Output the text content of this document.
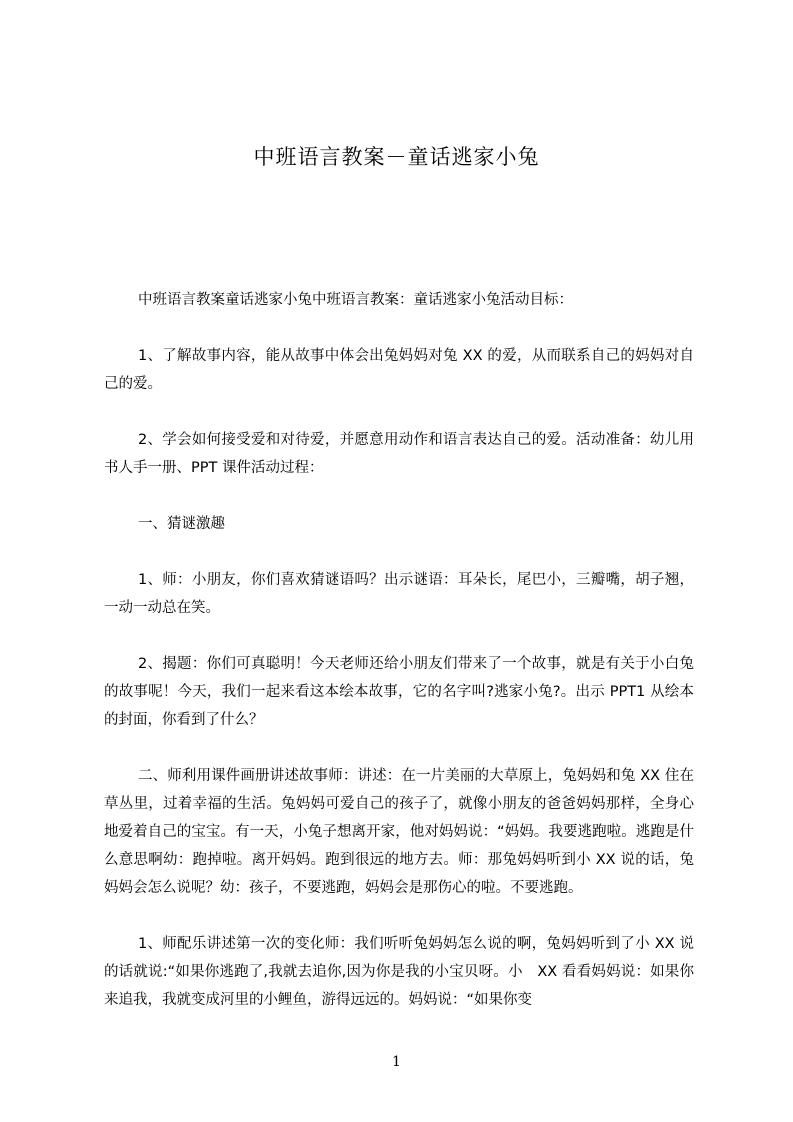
中班语言教案－童话逃家小兔

中班语言教案童话逃家小兔中班语言教案：童话逃家小兔活动目标：

1、了解故事内容，能从故事中体会出兔妈妈对兔 XX 的爱，从而联系自己的妈妈对自己的爱。

2、学会如何接受爱和对待爱，并愿意用动作和语言表达自己的爱。活动准备：幼儿用书人手一册、PPT 课件活动过程：

一、猜谜激趣

1、师：小朋友，你们喜欢猜谜语吗？出示谜语：耳朵长，尾巴小，三瓣嘴，胡子翘，一动一动总在笑。

2、揭题：你们可真聪明！今天老师还给小朋友们带来了一个故事，就是有关于小白兔的故事呢！今天，我们一起来看这本绘本故事，它的名字叫?逃家小兔?。出示 PPT1 从绘本的封面，你看到了什么？

二、师利用课件画册讲述故事师：讲述：在一片美丽的大草原上，兔妈妈和兔 XX 住在草丛里，过着幸福的生活。兔妈妈可爱自己的孩子了，就像小朋友的爸爸妈妈那样，全身心地爱着自己的宝宝。有一天，小兔子想离开家，他对妈妈说：“妈妈。我要逃跑啦。逃跑是什么意思啊幼：跑掉啦。离开妈妈。跑到很远的地方去。师：那兔妈妈听到小 XX 说的话，兔妈妈会怎么说呢？幼：孩子，不要逃跑，妈妈会是那伤心的啦。不要逃跑。

1、师配乐讲述第一次的变化师：我们听听兔妈妈怎么说的啊，兔妈妈听到了小 XX 说的话就说:“如果你逃跑了,我就去追你,因为你是我的小宝贝呀。小　XX 看看妈妈说：如果你来追我，我就变成河里的小鲤鱼，游得远远的。妈妈说：“如果你变

1
